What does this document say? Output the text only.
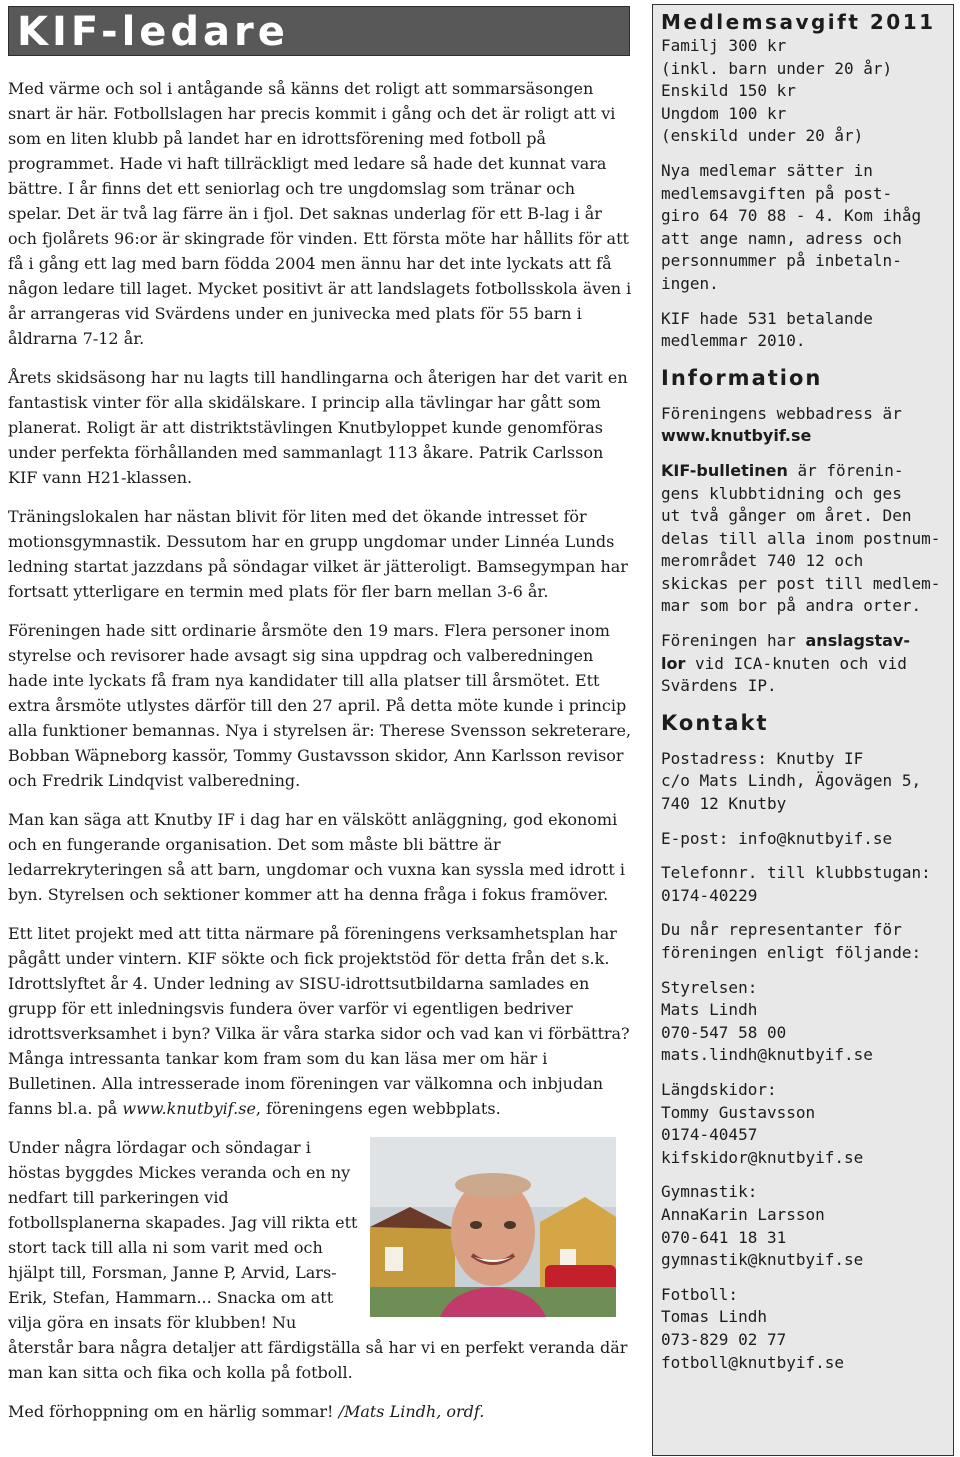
KIF-ledare

Med värme och sol i antågande så känns det roligt att sommarsäsongen snart är här. Fotbollslagen har precis kommit i gång och det är roligt att vi som en liten klubb på landet har en idrottsförening med fotboll på programmet. Hade vi haft tillräckligt med ledare så hade det kunnat vara bättre. I år finns det ett seniorlag och tre ungdomslag som tränar och spelar. Det är två lag färre än i fjol. Det saknas underlag för ett B-lag i år och fjolårets 96:or är skingrade för vinden. Ett första möte har hållits för att få i gång ett lag med barn födda 2004 men ännu har det inte lyckats att få någon ledare till laget. Mycket positivt är att landslagets fotbollsskola även i år arrangeras vid Svärdens under en junivecka med plats för 55 barn i åldrarna 7-12 år.

Årets skidsäsong har nu lagts till handlingarna och återigen har det varit en fantastisk vinter för alla skidälskare. I princip alla tävlingar har gått som planerat. Roligt är att distriktstävlingen Knutbyloppet kunde genomföras under perfekta förhållanden med sammanlagt 113 åkare. Patrik Carlsson KIF vann H21-klassen.

Träningslokalen har nästan blivit för liten med det ökande intresset för motionsgymnastik. Dessutom har en grupp ungdomar under Linnéa Lunds ledning startat jazzdans på söndagar vilket är jätteroligt. Bamsegympan har fortsatt ytterligare en termin med plats för fler barn mellan 3-6 år.

Föreningen hade sitt ordinarie årsmöte den 19 mars. Flera personer inom styrelse och revisorer hade avsagt sig sina uppdrag och valberedningen hade inte lyckats få fram nya kandidater till alla platser till årsmötet. Ett extra årsmöte utlystes därför till den 27 april. På detta möte kunde i princip alla funktioner bemannas. Nya i styrelsen är: Therese Svensson sekreterare, Bobban Wäpneborg kassör, Tommy Gustavsson skidor, Ann Karlsson revisor och Fredrik Lindqvist valberedning.

Man kan säga att Knutby IF i dag har en välskött anläggning, god ekonomi och en fungerande organisation. Det som måste bli bättre är ledarrekryteringen så att barn, ungdomar och vuxna kan syssla med idrott i byn. Styrelsen och sektioner kommer att ha denna fråga i fokus framöver.

Ett litet projekt med att titta närmare på föreningens verksamhetsplan har pågått under vintern. KIF sökte och fick projektstöd för detta från det s.k. Idrottslyftet år 4. Under ledning av SISU-idrottsutbildarna samlades en grupp för ett inledningsvis fundera över varför vi egentligen bedriver idrottsverksamhet i byn? Vilka är våra starka sidor och vad kan vi förbättra? Många intressanta tankar kom fram som du kan läsa mer om här i Bulletinen. Alla intresserade inom föreningen var välkomna och inbjudan fanns bl.a. på www.knutbyif.se, föreningens egen webbplats.

Under några lördagar och söndagar i höstas byggdes Mickes veranda och en ny nedfart till parkeringen vid fotbollsplanerna skapades. Jag vill rikta ett stort tack till alla ni som varit med och hjälpt till, Forsman, Janne P, Arvid, Lars-Erik, Stefan, Hammarn... Snacka om att vilja göra en insats för klubben! Nu återstår bara några detaljer att färdigställa så har vi en perfekt veranda där man kan sitta och fika och kolla på fotboll.

Med förhoppning om en härlig sommar! /Mats Lindh, ordf.

Medlemsavgift 2011

Familj 300 kr
(inkl. barn under 20 år)
Enskild 150 kr
Ungdom 100 kr
(enskild under 20 år)

Nya medlemar sätter in
medlemsavgiften på post-
giro 64 70 88 - 4. Kom ihåg
att ange namn, adress och
personnummer på inbetaln-
ingen.

KIF hade 531 betalande
medlemmar 2010.

Information

Föreningens webbadress är
www.knutbyif.se

KIF-bulletinen är förenin-
gens klubbtidning och ges
ut två gånger om året. Den
delas till alla inom postnum-
merområdet 740 12 och
skickas per post till medlem-
mar som bor på andra orter.

Föreningen har anslagstav-
lor vid ICA-knuten och vid
Svärdens IP.

Kontakt

Postadress: Knutby IF
c/o Mats Lindh, Ägovägen 5,
740 12 Knutby

E-post: info@knutbyif.se

Telefonnr. till klubbstugan:
0174-40229

Du når representanter för
föreningen enligt följande:

Styrelsen:
Mats Lindh
070-547 58 00
mats.lindh@knutbyif.se

Längdskidor:
Tommy Gustavsson
0174-40457
kifskidor@knutbyif.se

Gymnastik:
AnnaKarin Larsson
070-641 18 31
gymnastik@knutbyif.se

Fotboll:
Tomas Lindh
073-829 02 77
fotboll@knutbyif.se
